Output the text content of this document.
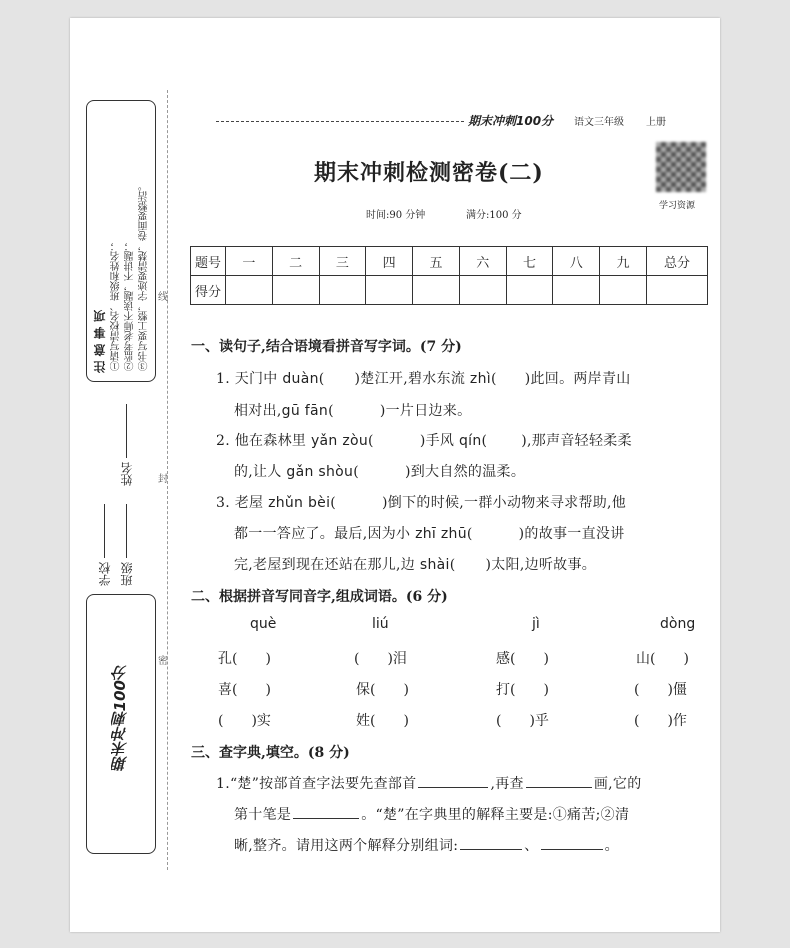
注意事项 ①请写清校名、班级和姓名； ②监考老师不读题，不讲题； ③书写要工整，字迹要清楚，卷面要整洁。
学校 班级姓名
期末冲刺100分
线
封
密
期末冲刺100分 语文三年级 上册
学习资源
期末冲刺检测密卷(二)
时间:90 分钟	满分:100 分
题号	一	二	三	四	五	六	七	八	九	总分
得分										
一、读句子,结合语境看拼音写字词。(7 分)
1. 天门中 duàn( )楚江开,碧水东流 zhì( )此回。两岸青山
相对出,gū fān(	)一片日边来。
2. 他在森林里 yǎn zòu(	)手风 qín( ),那声音轻轻柔柔
的,让人 gǎn shòu(	)到大自然的温柔。
3. 老屋 zhǔn bèi(	)倒下的时候,一群小动物来寻求帮助,他
都一一答应了。最后,因为小 zhī zhū(	)的故事一直没讲
完,老屋到现在还站在那儿,边 shài( )太阳,边听故事。
二、根据拼音写同音字,组成词语。(6 分)
què	liú	jì	dòng
孔(　　)	(　　)泪	感(　　)	山(　　)
喜(　　)	保(　　)	打(　　)	(　　)僵
(　　)实	姓(　　)	(　　)乎	(　　)作
三、查字典,填空。(8 分)
1.“楚”按部首查字法要先查部首	,再查	画,它的
第十笔是	。“楚”在字典里的解释主要是:①痛苦;②清
晰,整齐。请用这两个解释分别组词:	、	。
